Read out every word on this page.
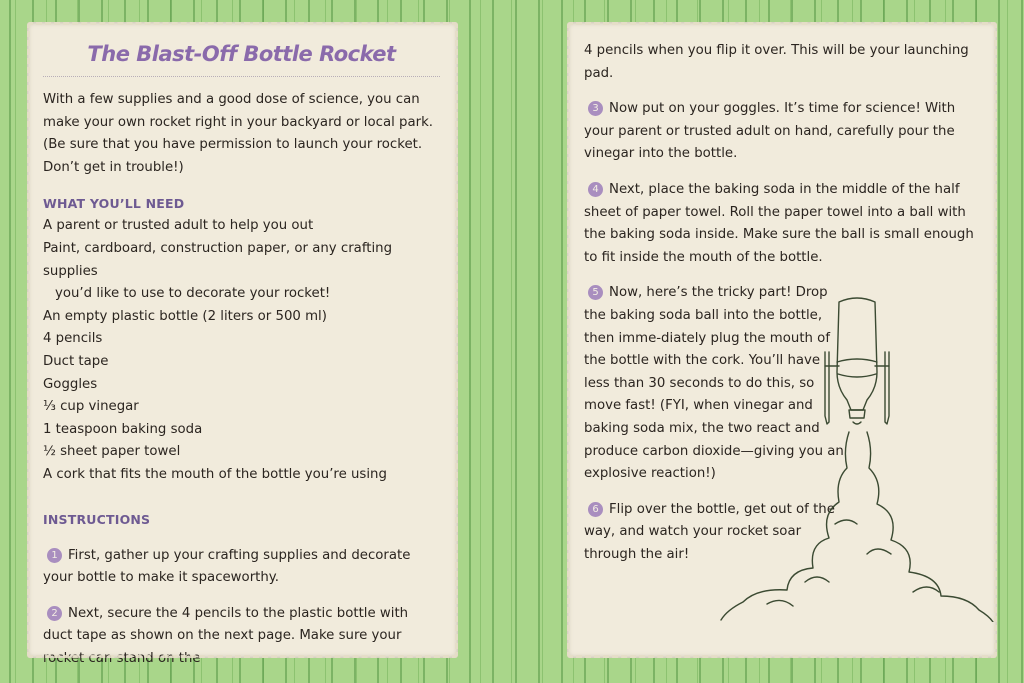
The Blast-Off Bottle Rocket

With a few supplies and a good dose of science, you can make your own rocket right in your backyard or local park. (Be sure that you have permission to launch your rocket. Don’t get in trouble!)

WHAT YOU’LL NEED
A parent or trusted adult to help you out
Paint, cardboard, construction paper, or any crafting supplies
you’d like to use to decorate your rocket!
An empty plastic bottle (2 liters or 500 ml)
4 pencils
Duct tape
Goggles
⅓ cup vinegar
1 teaspoon baking soda
½ sheet paper towel
A cork that fits the mouth of the bottle you’re using
INSTRUCTIONS

1 First, gather up your crafting supplies and decorate your bottle to make it spaceworthy.

2 Next, secure the 4 pencils to the plastic bottle with duct tape as shown on the next page. Make sure your rocket can stand on the

4 pencils when you flip it over. This will be your launching pad.

3 Now put on your goggles. It’s time for science! With your parent or trusted adult on hand, carefully pour the vinegar into the bottle.

4 Next, place the baking soda in the middle of the half sheet of paper towel. Roll the paper towel into a ball with the baking soda inside. Make sure the ball is small enough to fit inside the mouth of the bottle.

5 Now, here’s the tricky part! Drop the baking soda ball into the bottle, then imme-diately plug the mouth of the bottle with the cork. You’ll have less than 30 seconds to do this, so move fast! (FYI, when vinegar and baking soda mix, the two react and produce carbon dioxide—giving you an explosive reaction!)

6 Flip over the bottle, get out of the way, and watch your rocket soar through the air!
